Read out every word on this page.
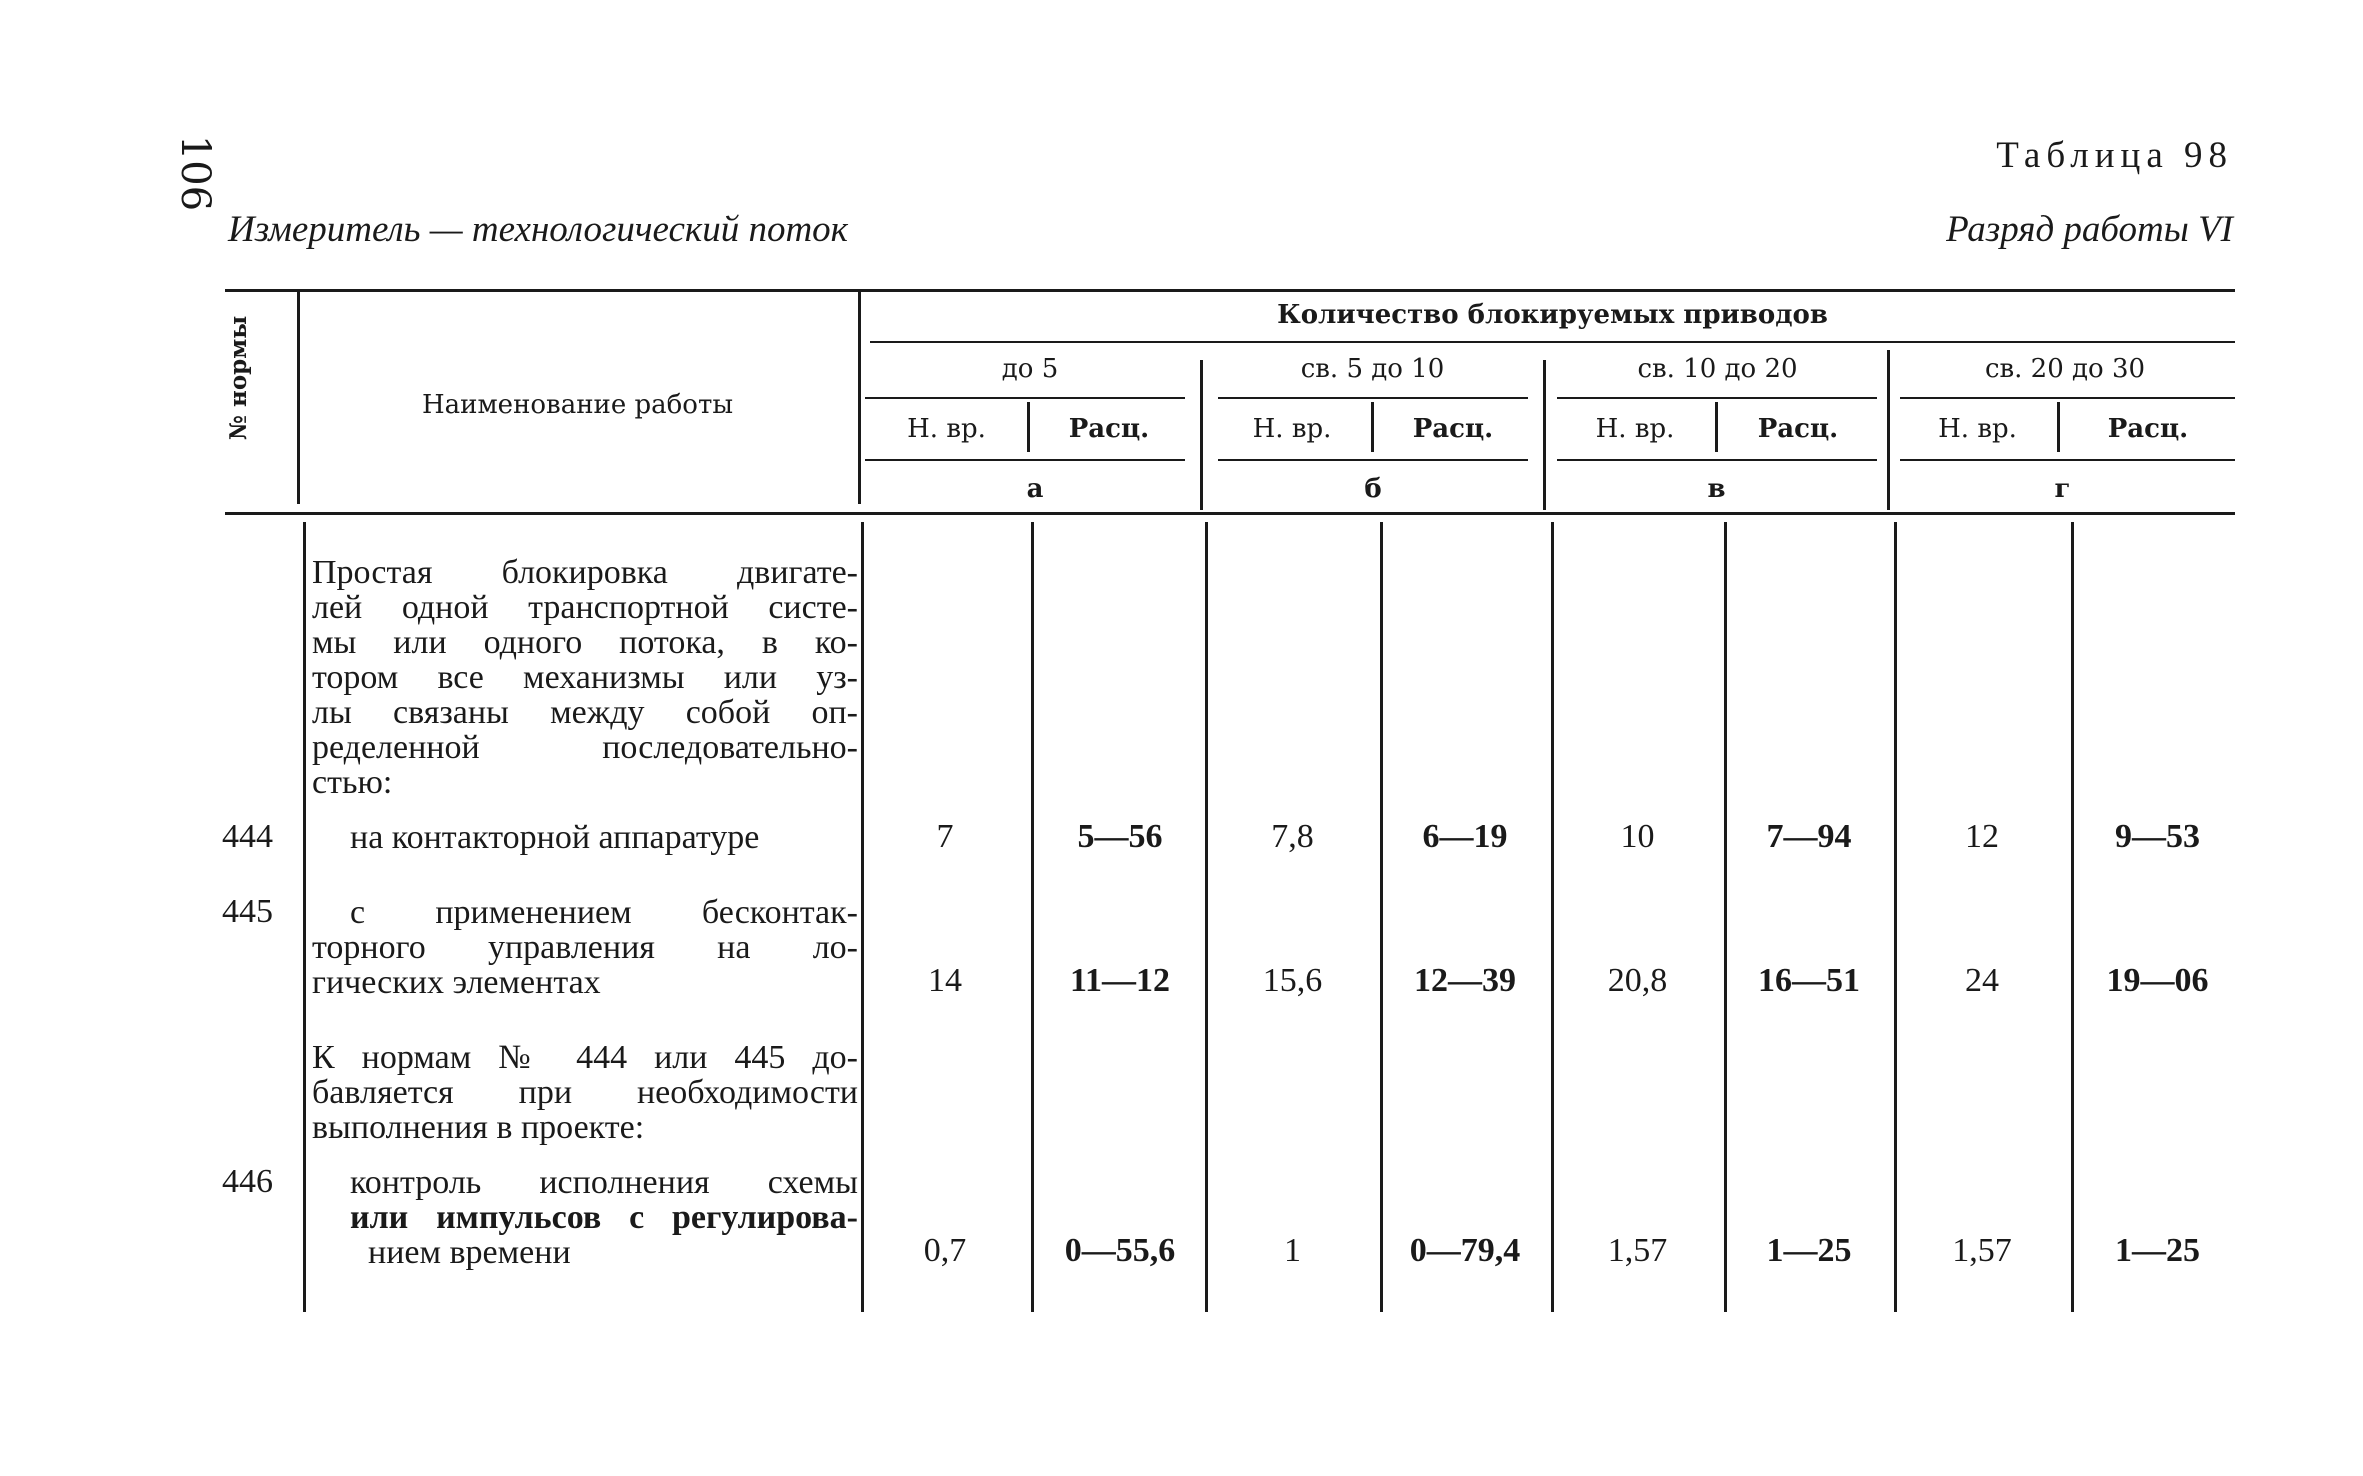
106	Таблица 98
Измеритель — технологический поток	Разряд работы VI
№ нормы	Наименование работы
Количество блокируемых приводов
до 5	св. 5 до 10	св. 10 до 20	св. 20 до 30
Н. вр.	Расц.	Н. вр.	Расц.	Н. вр.	Расц.	Н. вр.	Расц.
а	б	в	г
Простая блокировка двигате-
лей одной транспортной систе-
мы или одного потока, в ко-
тором все механизмы или уз-
лы связаны между собой оп-
ределенной последовательно-
стью:
444 на контакторной аппаратуре	7	5—56	7,8	6—19	10	7—94	12	9—53
445 с применением бесконтак-
торного управления на ло-
гических элементах	14	11—12	15,6	12—39	20,8	16—51	24	19—06
К нормам № 444 или 445 до-
бавляется при необходимости
выполнения в проекте:
446 контроль исполнения схемы
или импульсов с регулирова-
нием времени	0,7	0—55,6	1	0—79,4	1,57	1—25	1,57	1—25
